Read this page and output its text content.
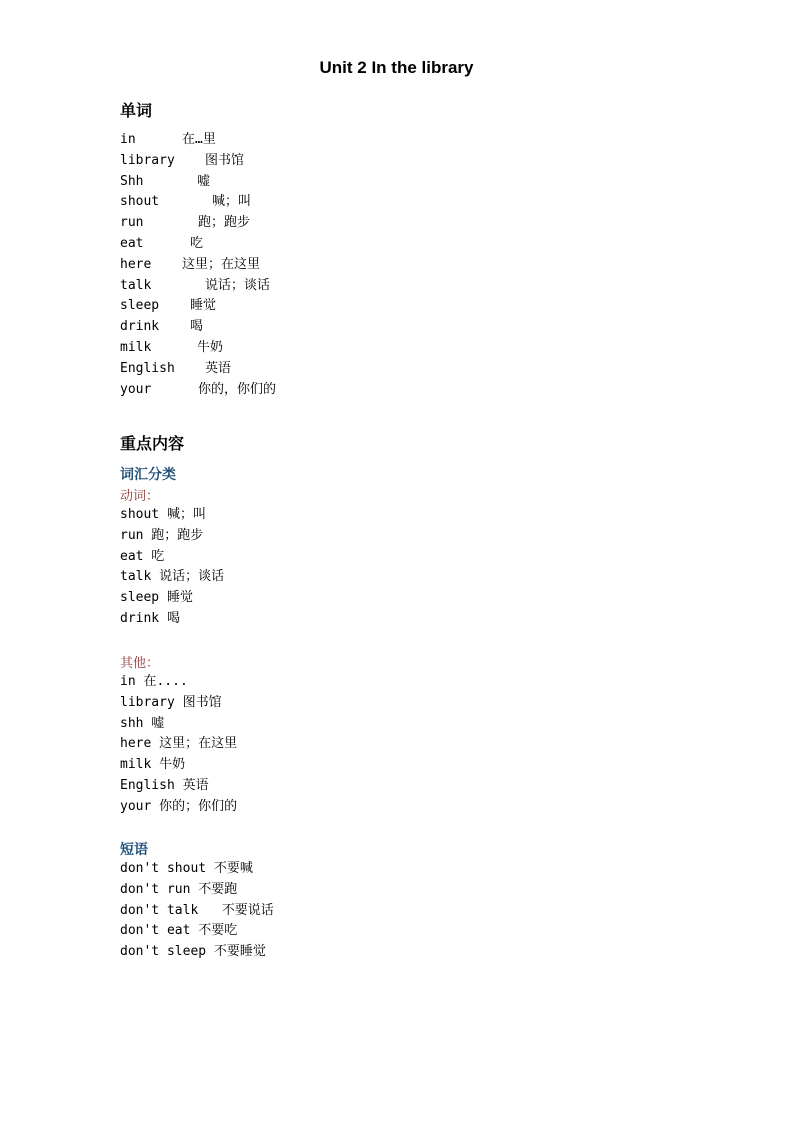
Unit 2 In the library
单词
in	在…里
library 图书馆
Shh	嘘
shout	喊；叫
run	跑；跑步
eat	吃
here 这里；在这里
talk	说话；谈话
sleep 睡觉
drink 喝
milk	牛奶
English 英语
your	你的，你们的
重点内容
词汇分类
动词：
shout 喊；叫
run 跑；跑步
eat 吃
talk 说话；谈话
sleep 睡觉
drink 喝
其他：
in 在....
library 图书馆
shh 嘘
here 这里；在这里
milk 牛奶
English 英语
your 你的；你们的
短语
don't shout 不要喊
don't run 不要跑
don't talk   不要说话
don't eat 不要吃
don't sleep 不要睡觉
